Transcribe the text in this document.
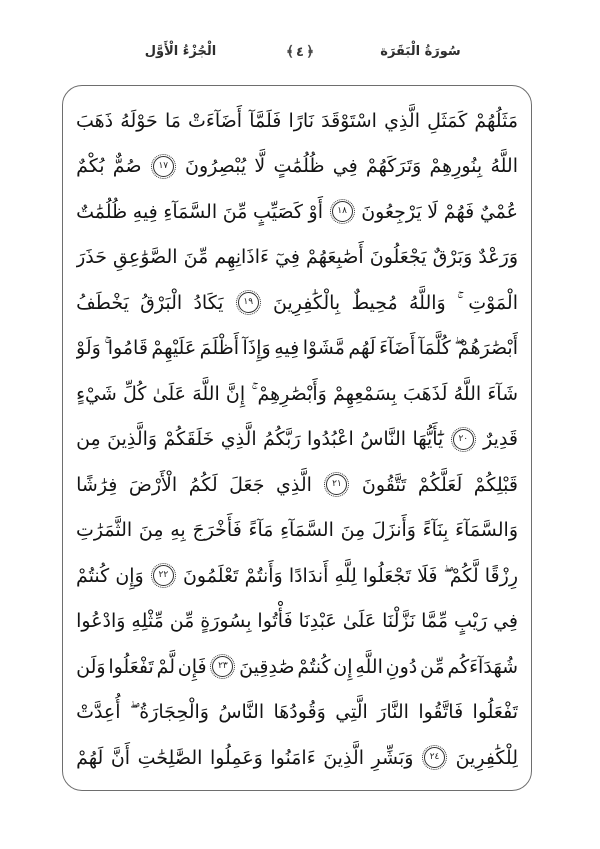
سُورَةُ الْبَقَرَة
﴿٤﴾
الْجُزْءُ الْأَوَّل
مَثَلُهُمْ
كَمَثَلِ
الَّذِي
اسْتَوْقَدَ
نَارًا
فَلَمَّآ
أَضَآءَتْ
مَا
حَوْلَهُ
ذَهَبَ
اللَّهُ
بِنُورِهِمْ
وَتَرَكَهُمْ
فِي
ظُلُمَٰتٍ
لَّا
يُبْصِرُونَ
١٧
صُمٌّ
بُكْمٌ
عُمْيٌ
فَهُمْ
لَا
يَرْجِعُونَ
١٨
أَوْ
كَصَيِّبٍ
مِّنَ
السَّمَآءِ
فِيهِ
ظُلُمَٰتٌ
وَرَعْدٌ
وَبَرْقٌ
يَجْعَلُونَ
أَصَٰبِعَهُمْ
فِيٓ
ءَاذَانِهِم
مِّنَ
الصَّوَٰعِقِ
حَذَرَ
الْمَوْتِ
وَاللَّهُ
مُحِيطٌ
بِالْكَٰفِرِينَ
١٩
يَكَادُ
الْبَرْقُ
يَخْطَفُ
أَبْصَٰرَهُمْ
كُلَّمَآ
أَضَآءَ
لَهُم
مَّشَوْا
فِيهِ
وَإِذَآ
أَظْلَمَ
عَلَيْهِمْ
قَامُوا
وَلَوْ
شَآءَ
اللَّهُ
لَذَهَبَ
بِسَمْعِهِمْ
وَأَبْصَٰرِهِمْ
إِنَّ
اللَّهَ
عَلَىٰ
كُلِّ
شَيْءٍ
قَدِيرٌ
٢٠
يَٰٓأَيُّهَا
النَّاسُ
اعْبُدُوا
رَبَّكُمُ
الَّذِي
خَلَقَكُمْ
وَالَّذِينَ
مِن
قَبْلِكُمْ
لَعَلَّكُمْ
تَتَّقُونَ
٢١
الَّذِي
جَعَلَ
لَكُمُ
الْأَرْضَ
فِرَٰشًا
وَالسَّمَآءَ
بِنَآءً
وَأَنزَلَ
مِنَ
السَّمَآءِ
مَآءً
فَأَخْرَجَ
بِهِ
مِنَ
الثَّمَرَٰتِ
رِزْقًا
لَّكُمْ
فَلَا
تَجْعَلُوا
لِلَّهِ
أَندَادًا
وَأَنتُمْ
تَعْلَمُونَ
٢٢
وَإِن
كُنتُمْ
فِي
رَيْبٍ
مِّمَّا
نَزَّلْنَا
عَلَىٰ
عَبْدِنَا
فَأْتُوا
بِسُورَةٍ
مِّن
مِّثْلِهِ
وَادْعُوا
شُهَدَآءَكُم
مِّن
دُونِ
اللَّهِ
إِن
كُنتُمْ
صَٰدِقِينَ
٢٣
فَإِن
لَّمْ
تَفْعَلُوا
وَلَن
تَفْعَلُوا
فَاتَّقُوا
النَّارَ
الَّتِي
وَقُودُهَا
النَّاسُ
وَالْحِجَارَةُ
أُعِدَّتْ
لِلْكَٰفِرِينَ
٢٤
وَبَشِّرِ
الَّذِينَ
ءَامَنُوا
وَعَمِلُوا
الصَّٰلِحَٰتِ
أَنَّ
لَهُمْ
